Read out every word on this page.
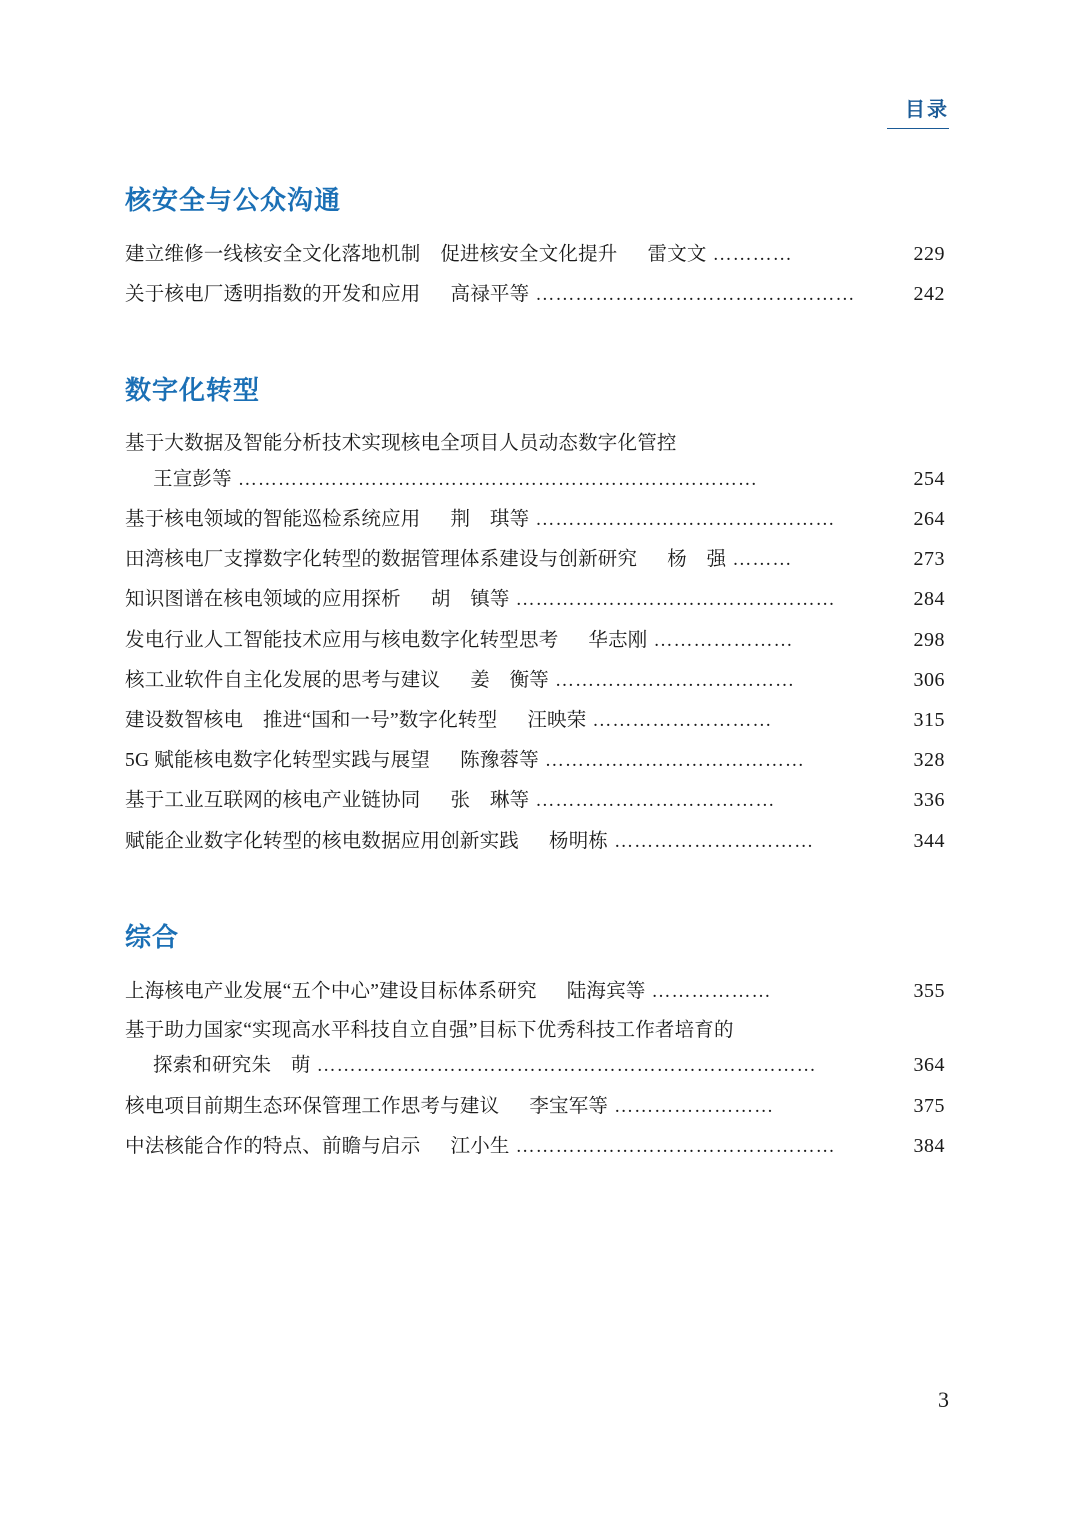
目录
核安全与公众沟通
建立维修一线核安全文化落地机制　促进核安全文化提升 雷文文 …………	229
关于核电厂透明指数的开发和应用 高禄平等 …………………………………………	242
数字化转型
基于大数据及智能分析技术实现核电全项目人员动态数字化管控
王宣彭等 ……………………………………………………………………	254
基于核电领域的智能巡检系统应用 荆　琪等 ………………………………………	264
田湾核电厂支撑数字化转型的数据管理体系建设与创新研究 杨　强 ………	273
知识图谱在核电领域的应用探析 胡　镇等 …………………………………………	284
发电行业人工智能技术应用与核电数字化转型思考 华志刚 …………………	298
核工业软件自主化发展的思考与建议 姜　衡等 ………………………………	306
建设数智核电　推进“国和一号”数字化转型 汪映荣 ………………………	315
5G 赋能核电数字化转型实践与展望 陈豫蓉等 …………………………………	328
基于工业互联网的核电产业链协同 张　琳等 ………………………………	336
赋能企业数字化转型的核电数据应用创新实践 杨明栋 …………………………	344
综合
上海核电产业发展“五个中心”建设目标体系研究 陆海宾等 ………………	355
基于助力国家“实现高水平科技自立自强”目标下优秀科技工作者培育的
探索和研究 朱　萌 …………………………………………………………………	364
核电项目前期生态环保管理工作思考与建议 李宝军等 ……………………	375
中法核能合作的特点、前瞻与启示 江小生 …………………………………………	384
3
